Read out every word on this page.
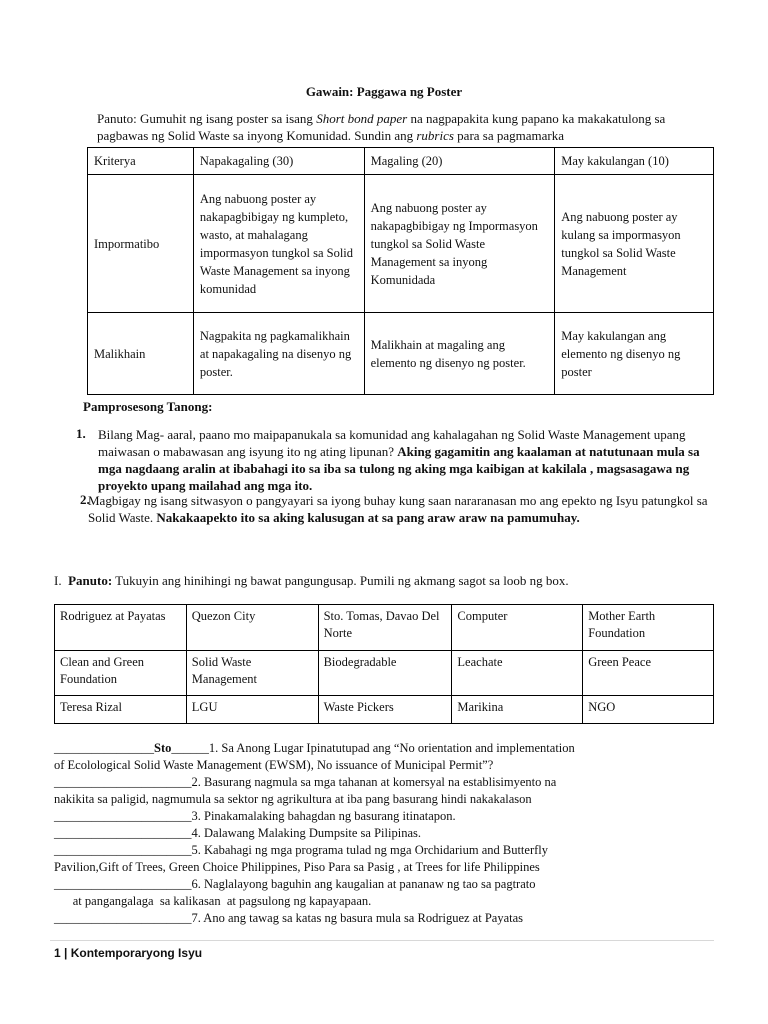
Gawain: Paggawa ng Poster
Panuto: Gumuhit ng isang poster sa isang Short bond paper na nagpapakita kung papano ka makakatulong sa pagbawas ng Solid Waste sa inyong Komunidad. Sundin ang rubrics para sa pagmamarka
Kriterya	Napakagaling (30)	Magaling (20)	May kakulangan (10)
Impormatibo	Ang nabuong poster ay nakapagbibigay ng kumpleto, wasto, at mahalagang impormasyon tungkol sa Solid Waste Management sa inyong komunidad	Ang nabuong poster ay nakapagbibigay ng Impormasyon tungkol sa Solid Waste Management sa inyong Komunidada	Ang nabuong poster ay kulang sa impormasyon tungkol sa Solid Waste Management
Malikhain	Nagpakita ng pagkamalikhain at napakagaling na disenyo ng poster.	Malikhain at magaling ang elemento ng disenyo ng poster.	May kakulangan ang elemento ng disenyo ng poster
Pamprosesong Tanong:
1. Bilang Mag- aaral, paano mo maipapanukala sa komunidad ang kahalagahan ng Solid Waste Management upang maiwasan o mabawasan ang isyung ito ng ating lipunan? Aking gagamitin ang kaalaman at natutunaan mula sa mga nagdaang aralin at ibabahagi ito sa iba sa tulong ng aking mga kaibigan at kakilala , magsasagawa ng proyekto upang mailahad ang mga ito.
2.
Magbigay ng isang sitwasyon o pangyayari sa iyong buhay kung saan nararanasan mo ang epekto ng Isyu patungkol sa Solid Waste. Nakakaapekto ito sa aking kalusugan at sa pang araw araw na pamumuhay.
I. Panuto: Tukuyin ang hinihingi ng bawat pangungusap. Pumili ng akmang sagot sa loob ng box.
Rodriguez at Payatas	Quezon City	Sto. Tomas, Davao Del Norte	Computer	Mother Earth Foundation
Clean and Green Foundation	Solid Waste Management	Biodegradable	Leachate	Green Peace
Teresa Rizal	LGU	Waste Pickers	Marikina	NGO
________________Sto______1. Sa Anong Lugar Ipinatutupad ang “No orientation and implementation
of Ecolological Solid Waste Management (EWSM), No issuance of Municipal Permit”?
______________________2. Basurang nagmula sa mga tahanan at komersyal na establisimyento na
nakikita sa paligid, nagmumula sa sektor ng agrikultura at iba pang basurang hindi nakakalason
______________________3. Pinakamalaking bahagdan ng basurang itinatapon.
______________________4. Dalawang Malaking Dumpsite sa Pilipinas.
______________________5. Kabahagi ng mga programa tulad ng mga Orchidarium and Butterfly
Pavilion,Gift of Trees, Green Choice Philippines, Piso Para sa Pasig , at Trees for life Philippines
______________________6. Naglalayong baguhin ang kaugalian at pananaw ng tao sa pagtrato
at pangangalaga  sa kalikasan  at pagsulong ng kapayapaan.
______________________7. Ano ang tawag sa katas ng basura mula sa Rodriguez at Payatas
1 | Kontemporaryong Isyu
